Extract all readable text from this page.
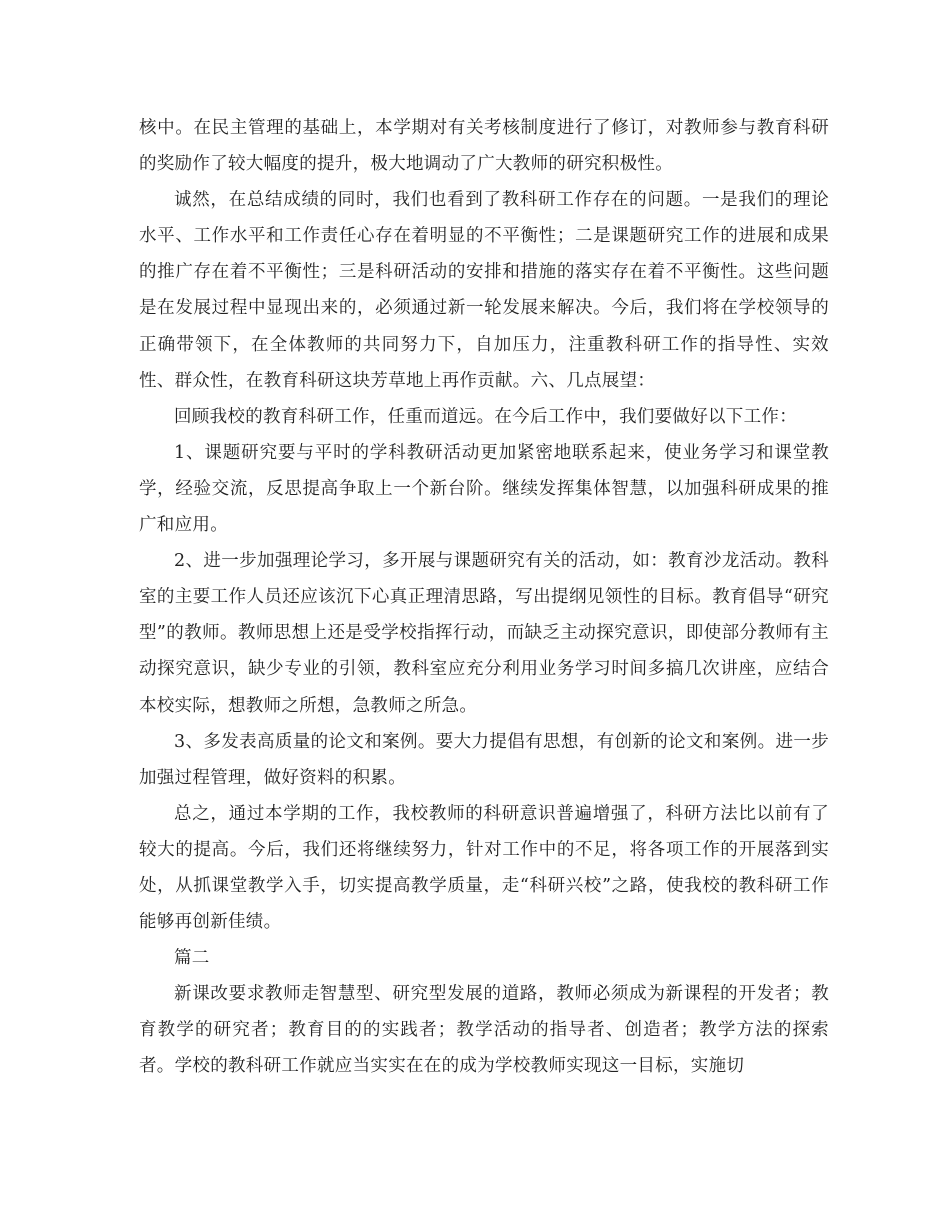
核中。在民主管理的基础上，本学期对有关考核制度进行了修订，对教师参与教育科研的奖励作了较大幅度的提升，极大地调动了广大教师的研究积极性。

诚然，在总结成绩的同时，我们也看到了教科研工作存在的问题。一是我们的理论水平、工作水平和工作责任心存在着明显的不平衡性；二是课题研究工作的进展和成果的推广存在着不平衡性；三是科研活动的安排和措施的落实存在着不平衡性。这些问题是在发展过程中显现出来的，必须通过新一轮发展来解决。今后，我们将在学校领导的正确带领下，在全体教师的共同努力下，自加压力，注重教科研工作的指导性、实效性、群众性，在教育科研这块芳草地上再作贡献。六、几点展望：

回顾我校的教育科研工作，任重而道远。在今后工作中，我们要做好以下工作：

1、课题研究要与平时的学科教研活动更加紧密地联系起来，使业务学习和课堂教学，经验交流，反思提高争取上一个新台阶。继续发挥集体智慧，以加强科研成果的推广和应用。

2、进一步加强理论学习，多开展与课题研究有关的活动，如：教育沙龙活动。教科室的主要工作人员还应该沉下心真正理清思路，写出提纲见领性的目标。教育倡导“研究型”的教师。教师思想上还是受学校指挥行动，而缺乏主动探究意识，即使部分教师有主动探究意识，缺少专业的引领，教科室应充分利用业务学习时间多搞几次讲座，应结合本校实际，想教师之所想，急教师之所急。

3、多发表高质量的论文和案例。要大力提倡有思想，有创新的论文和案例。进一步加强过程管理，做好资料的积累。

总之，通过本学期的工作，我校教师的科研意识普遍增强了，科研方法比以前有了较大的提高。今后，我们还将继续努力，针对工作中的不足，将各项工作的开展落到实处，从抓课堂教学入手，切实提高教学质量，走“科研兴校”之路，使我校的教科研工作能够再创新佳绩。

篇二

新课改要求教师走智慧型、研究型发展的道路，教师必须成为新课程的开发者；教育教学的研究者；教育目的的实践者；教学活动的指导者、创造者；教学方法的探索者。学校的教科研工作就应当实实在在的成为学校教师实现这一目标，实施切
